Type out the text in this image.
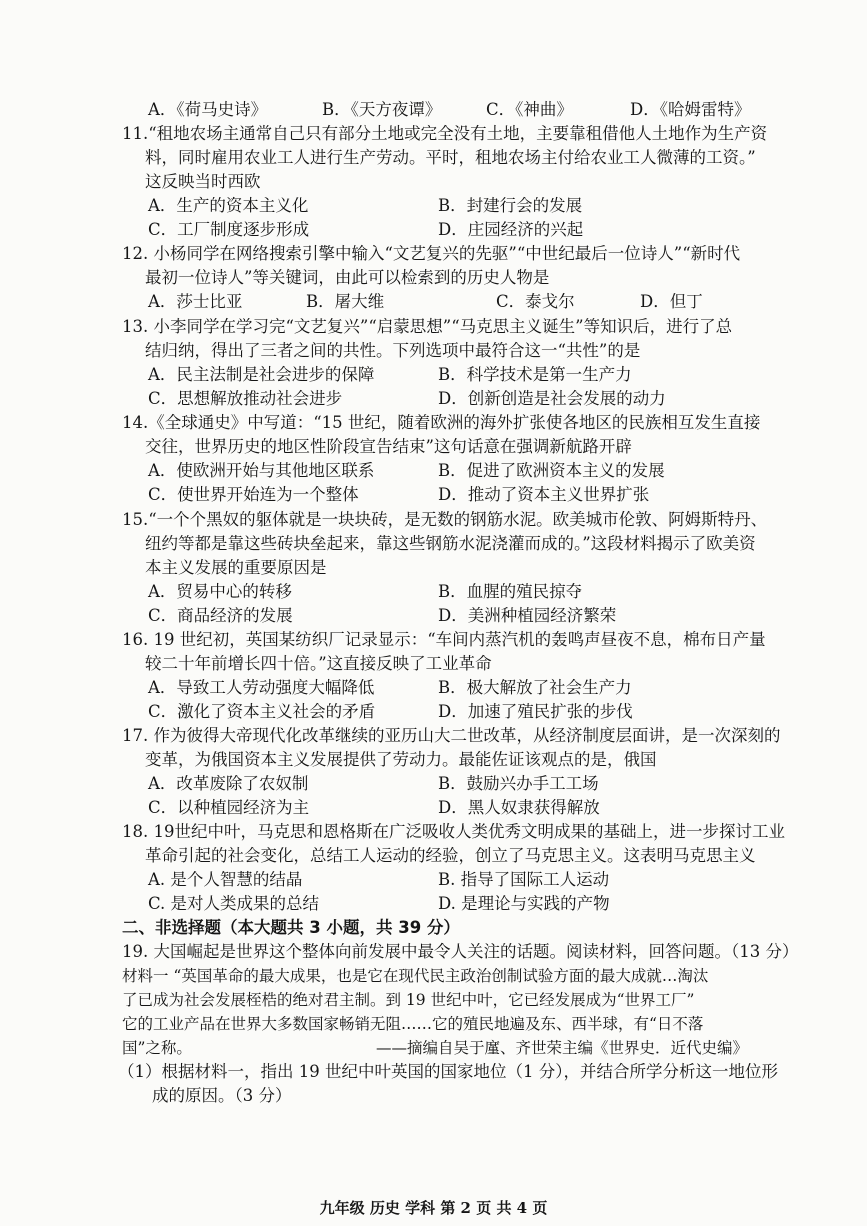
A．《荷马史诗》	B．《天方夜谭》	C．《神曲》	D．《哈姆雷特》
11.“租地农场主通常自己只有部分土地或完全没有土地，主要靠租借他人土地作为生产资
料，同时雇用农业工人进行生产劳动。平时，租地农场主付给农业工人微薄的工资。”
这反映当时西欧
A．生产的资本主义化	B．封建行会的发展
C．工厂制度逐步形成	D．庄园经济的兴起
12. 小杨同学在网络搜索引擎中输入“文艺复兴的先驱”“中世纪最后一位诗人”“新时代
最初一位诗人”等关键词，由此可以检索到的历史人物是
A．莎士比亚	B．屠大维	C．泰戈尔	D．但丁
13. 小李同学在学习完“文艺复兴”“启蒙思想”“马克思主义诞生”等知识后，进行了总
结归纳，得出了三者之间的共性。下列选项中最符合这一“共性”的是
A．民主法制是社会进步的保障	B．科学技术是第一生产力
C．思想解放推动社会进步	D．创新创造是社会发展的动力
14.《全球通史》中写道：“15 世纪，随着欧洲的海外扩张使各地区的民族相互发生直接
交往，世界历史的地区性阶段宣告结束”这句话意在强调新航路开辟
A．使欧洲开始与其他地区联系	B．促进了欧洲资本主义的发展
C．使世界开始连为一个整体	D．推动了资本主义世界扩张
15.“一个个黑奴的躯体就是一块块砖，是无数的钢筋水泥。欧美城市伦敦、阿姆斯特丹、
纽约等都是靠这些砖块垒起来，靠这些钢筋水泥浇灌而成的。”这段材料揭示了欧美资
本主义发展的重要原因是
A．贸易中心的转移	B．血腥的殖民掠夺
C．商品经济的发展	D．美洲种植园经济繁荣
16. 19 世纪初，英国某纺织厂记录显示：“车间内蒸汽机的轰鸣声昼夜不息，棉布日产量
较二十年前增长四十倍。”这直接反映了工业革命
A．导致工人劳动强度大幅降低	B．极大解放了社会生产力
C．激化了资本主义社会的矛盾	D．加速了殖民扩张的步伐
17. 作为彼得大帝现代化改革继续的亚历山大二世改革，从经济制度层面讲，是一次深刻的
变革，为俄国资本主义发展提供了劳动力。最能佐证该观点的是，俄国
A．改革废除了农奴制	B．鼓励兴办手工工场
C．以种植园经济为主	D．黑人奴隶获得解放
18. 19世纪中叶，马克思和恩格斯在广泛吸收人类优秀文明成果的基础上，进一步探讨工业
革命引起的社会变化，总结工人运动的经验，创立了马克思主义。这表明马克思主义
A. 是个人智慧的结晶	B. 指导了国际工人运动
C. 是对人类成果的总结	D. 是理论与实践的产物
二、非选择题（本大题共 3 小题，共 39 分）
19. 大国崛起是世界这个整体向前发展中最令人关注的话题。阅读材料，回答问题。（13 分）
材料一 “英国革命的最大成果，也是它在现代民主政治创制试验方面的最大成就…淘汰
了已成为社会发展桎梏的绝对君主制。到 19 世纪中叶，它已经发展成为“世界工厂”
它的工业产品在世界大多数国家畅销无阻……它的殖民地遍及东、西半球，有“日不落
国”之称。	——摘编自吴于廑、齐世荣主编《世界史．近代史编》
（1）根据材料一，指出 19 世纪中叶英国的国家地位（1 分），并结合所学分析这一地位形
成的原因。（3 分）
九年级 历史 学科 第 2 页 共 4 页
